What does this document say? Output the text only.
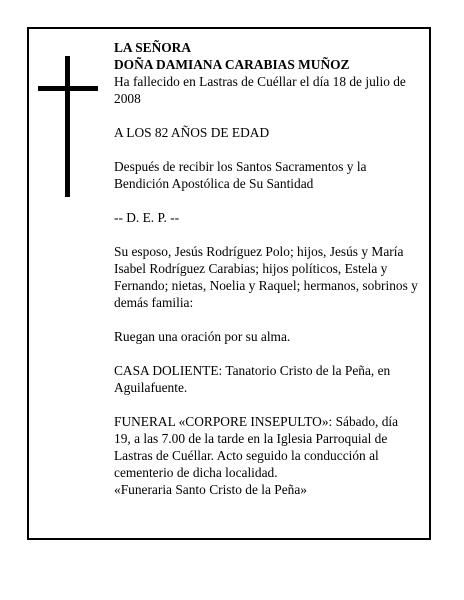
LA SEÑORA

DOÑA DAMIANA CARABIAS MUÑOZ

Ha fallecido en Lastras de Cuéllar el día 18 de julio de 2008

A LOS 82 AÑOS DE EDAD

Después de recibir los Santos Sacramentos y la Bendición Apostólica de Su Santidad

-- D. E. P. --

Su esposo, Jesús Rodríguez Polo; hijos, Jesús y María Isabel Rodríguez Carabias; hijos políticos, Estela y Fernando; nietas, Noelia y Raquel; hermanos, sobrinos y demás familia:

Ruegan una oración por su alma.

CASA DOLIENTE: Tanatorio Cristo de la Peña, en Aguilafuente.

FUNERAL «CORPORE INSEPULTO»: Sábado, día 19, a las 7.00 de la tarde en la Iglesia Parroquial de Lastras de Cuéllar. Acto seguido la conducción al cementerio de dicha localidad.

«Funeraria Santo Cristo de la Peña»
